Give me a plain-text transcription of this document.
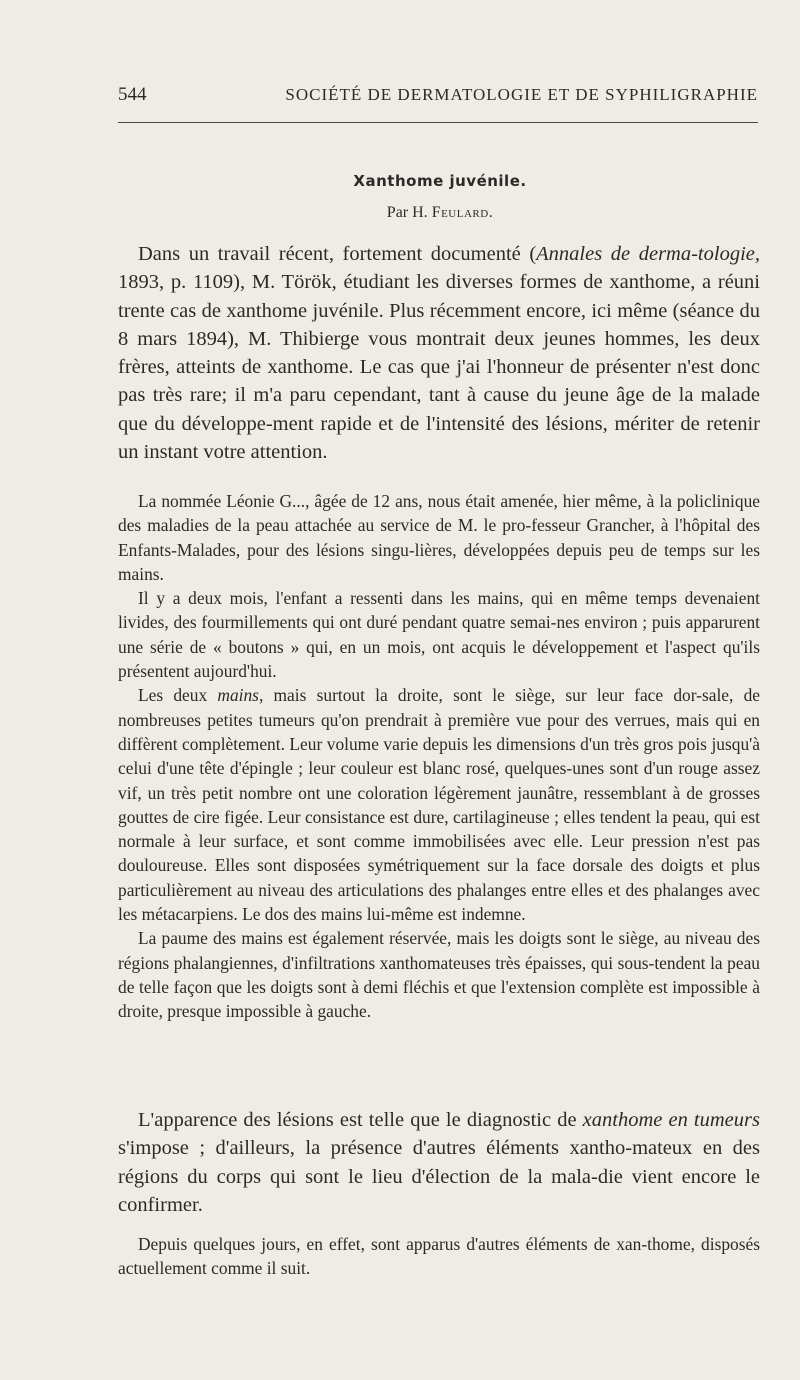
544	SOCIÉTÉ DE DERMATOLOGIE ET DE SYPHILIGRAPHIE
Xanthome juvénile.
Par H. Feulard.

Dans un travail récent, fortement documenté (Annales de derma-tologie, 1893, p. 1109), M. Török, étudiant les diverses formes de xanthome, a réuni trente cas de xanthome juvénile. Plus récemment encore, ici même (séance du 8 mars 1894), M. Thibierge vous montrait deux jeunes hommes, les deux frères, atteints de xanthome. Le cas que j'ai l'honneur de présenter n'est donc pas très rare; il m'a paru cependant, tant à cause du jeune âge de la malade que du développe-ment rapide et de l'intensité des lésions, mériter de retenir un instant votre attention.

La nommée Léonie G..., âgée de 12 ans, nous était amenée, hier même, à la policlinique des maladies de la peau attachée au service de M. le pro-fesseur Grancher, à l'hôpital des Enfants-Malades, pour des lésions singu-lières, développées depuis peu de temps sur les mains.

Il y a deux mois, l'enfant a ressenti dans les mains, qui en même temps devenaient livides, des fourmillements qui ont duré pendant quatre semai-nes environ ; puis apparurent une série de « boutons » qui, en un mois, ont acquis le développement et l'aspect qu'ils présentent aujourd'hui.

Les deux mains, mais surtout la droite, sont le siège, sur leur face dor-sale, de nombreuses petites tumeurs qu'on prendrait à première vue pour des verrues, mais qui en diffèrent complètement. Leur volume varie depuis les dimensions d'un très gros pois jusqu'à celui d'une tête d'épingle ; leur couleur est blanc rosé, quelques-unes sont d'un rouge assez vif, un très petit nombre ont une coloration légèrement jaunâtre, ressemblant à de grosses gouttes de cire figée. Leur consistance est dure, cartilagineuse ; elles tendent la peau, qui est normale à leur surface, et sont comme immobilisées avec elle. Leur pression n'est pas douloureuse. Elles sont disposées symétriquement sur la face dorsale des doigts et plus particulièrement au niveau des articulations des phalanges entre elles et des phalanges avec les métacarpiens. Le dos des mains lui-même est indemne.

La paume des mains est également réservée, mais les doigts sont le siège, au niveau des régions phalangiennes, d'infiltrations xanthomateuses très épaisses, qui sous-tendent la peau de telle façon que les doigts sont à demi fléchis et que l'extension complète est impossible à droite, presque impossible à gauche.

L'apparence des lésions est telle que le diagnostic de xanthome en tumeurs s'impose ; d'ailleurs, la présence d'autres éléments xantho-mateux en des régions du corps qui sont le lieu d'élection de la mala-die vient encore le confirmer.

Depuis quelques jours, en effet, sont apparus d'autres éléments de xan-thome, disposés actuellement comme il suit.
